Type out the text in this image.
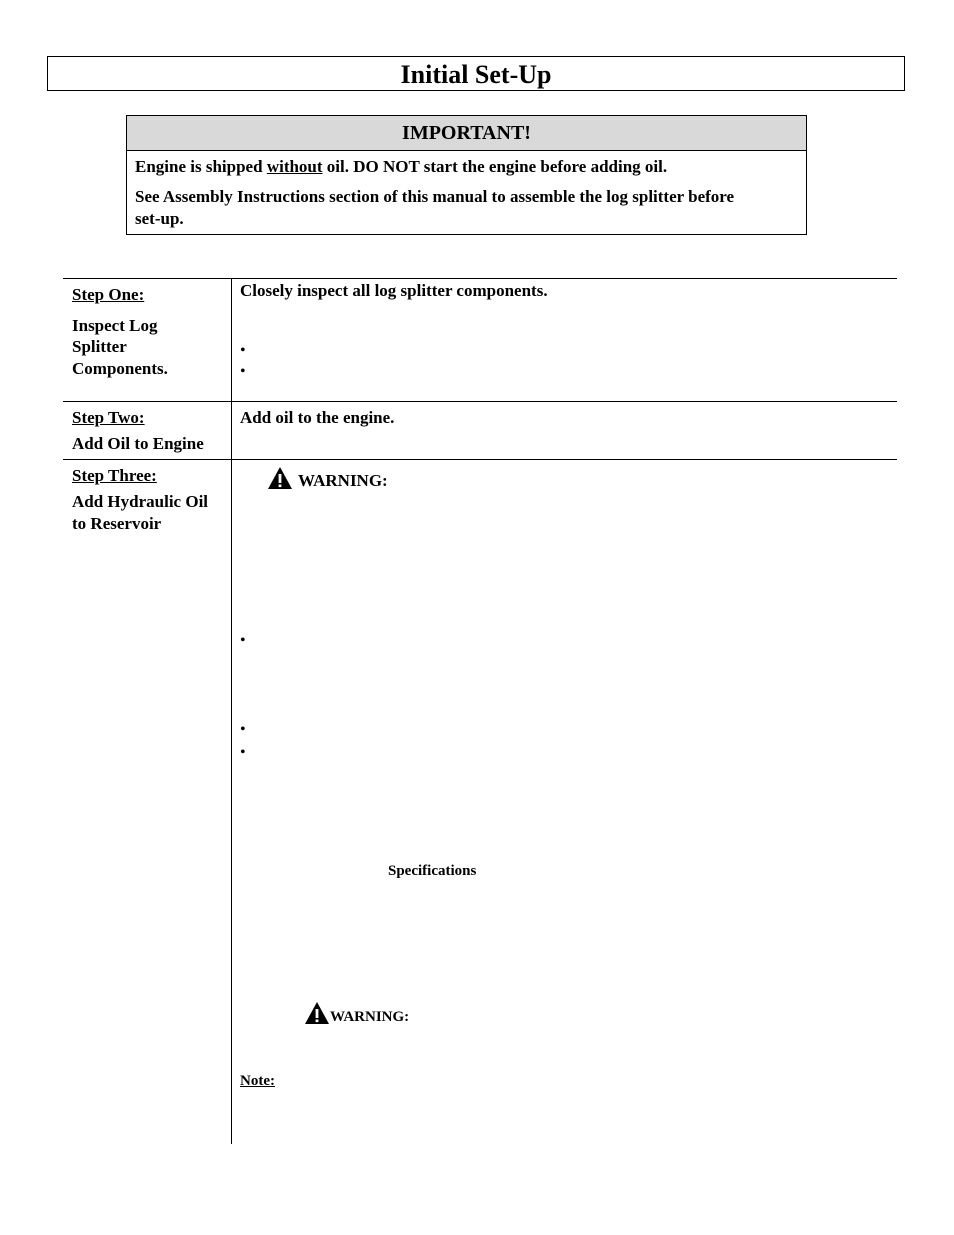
Initial Set-Up
IMPORTANT!

Engine is shipped without oil. DO NOT start the engine before adding oil.

See Assembly Instructions section of this manual to assemble the log splitter before

set-up.

Step One:
Inspect Log
Splitter
Components.
Closely inspect all log splitter components.
•
•
Step Two:
Add Oil to Engine
Add oil to the engine.
Step Three:
Add Hydraulic Oil
to Reservoir
WARNING:
•
•
•
Specifications
WARNING:
Note:
